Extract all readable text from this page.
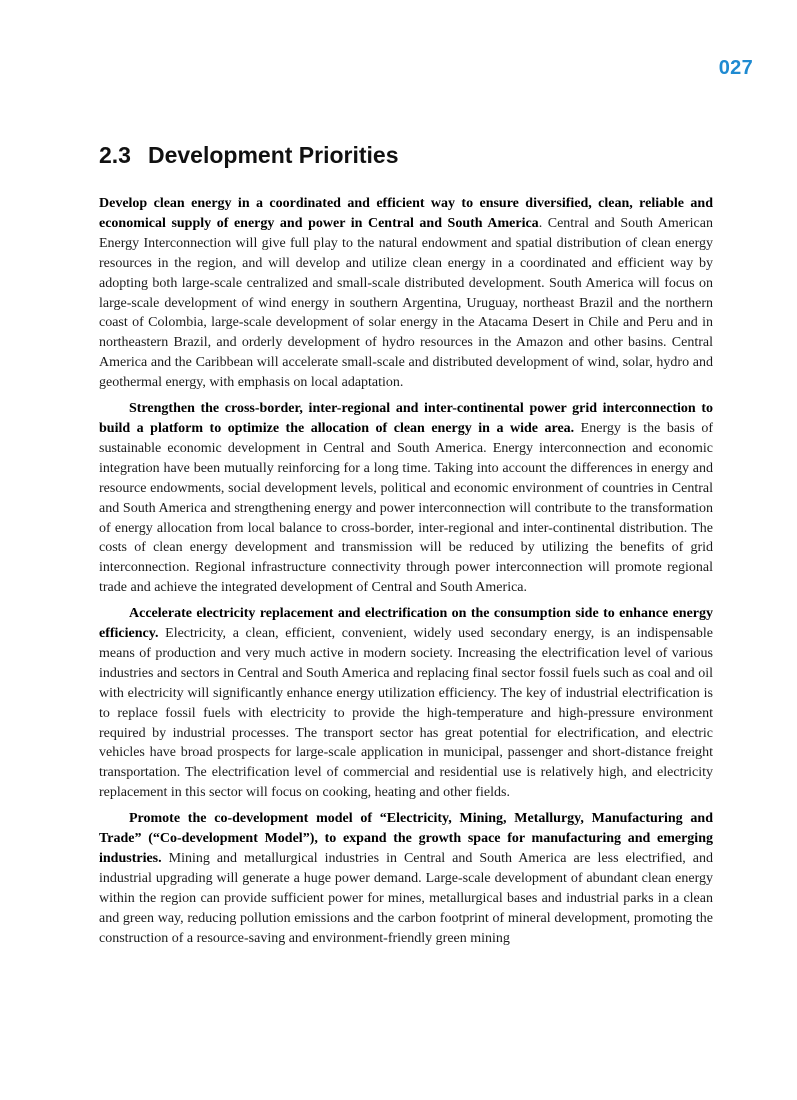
027
2.3 Development Priorities

Develop clean energy in a coordinated and efficient way to ensure diversified, clean, reliable and economical supply of energy and power in Central and South America. Central and South American Energy Interconnection will give full play to the natural endowment and spatial distribution of clean energy resources in the region, and will develop and utilize clean energy in a coordinated and efficient way by adopting both large-scale centralized and small-scale distributed development. South America will focus on large-scale development of wind energy in southern Argentina, Uruguay, northeast Brazil and the northern coast of Colombia, large-scale development of solar energy in the Atacama Desert in Chile and Peru and in northeastern Brazil, and orderly development of hydro resources in the Amazon and other basins. Central America and the Caribbean will accelerate small-scale and distributed development of wind, solar, hydro and geothermal energy, with emphasis on local adaptation.

Strengthen the cross-border, inter-regional and inter-continental power grid interconnection to build a platform to optimize the allocation of clean energy in a wide area. Energy is the basis of sustainable economic development in Central and South America. Energy interconnection and economic integration have been mutually reinforcing for a long time. Taking into account the differences in energy and resource endowments, social development levels, political and economic environment of countries in Central and South America and strengthening energy and power interconnection will contribute to the transformation of energy allocation from local balance to cross-border, inter-regional and inter-continental distribution. The costs of clean energy development and transmission will be reduced by utilizing the benefits of grid interconnection. Regional infrastructure connectivity through power interconnection will promote regional trade and achieve the integrated development of Central and South America.

Accelerate electricity replacement and electrification on the consumption side to enhance energy efficiency. Electricity, a clean, efficient, convenient, widely used secondary energy, is an indispensable means of production and very much active in modern society. Increasing the electrification level of various industries and sectors in Central and South America and replacing final sector fossil fuels such as coal and oil with electricity will significantly enhance energy utilization efficiency. The key of industrial electrification is to replace fossil fuels with electricity to provide the high-temperature and high-pressure environment required by industrial processes. The transport sector has great potential for electrification, and electric vehicles have broad prospects for large-scale application in municipal, passenger and short-distance freight transportation. The electrification level of commercial and residential use is relatively high, and electricity replacement in this sector will focus on cooking, heating and other fields.

Promote the co-development model of “Electricity, Mining, Metallurgy, Manufacturing and Trade” (“Co-development Model”), to expand the growth space for manufacturing and emerging industries. Mining and metallurgical industries in Central and South America are less electrified, and industrial upgrading will generate a huge power demand. Large-scale development of abundant clean energy within the region can provide sufficient power for mines, metallurgical bases and industrial parks in a clean and green way, reducing pollution emissions and the carbon footprint of mineral development, promoting the construction of a resource-saving and environment-friendly green mining
